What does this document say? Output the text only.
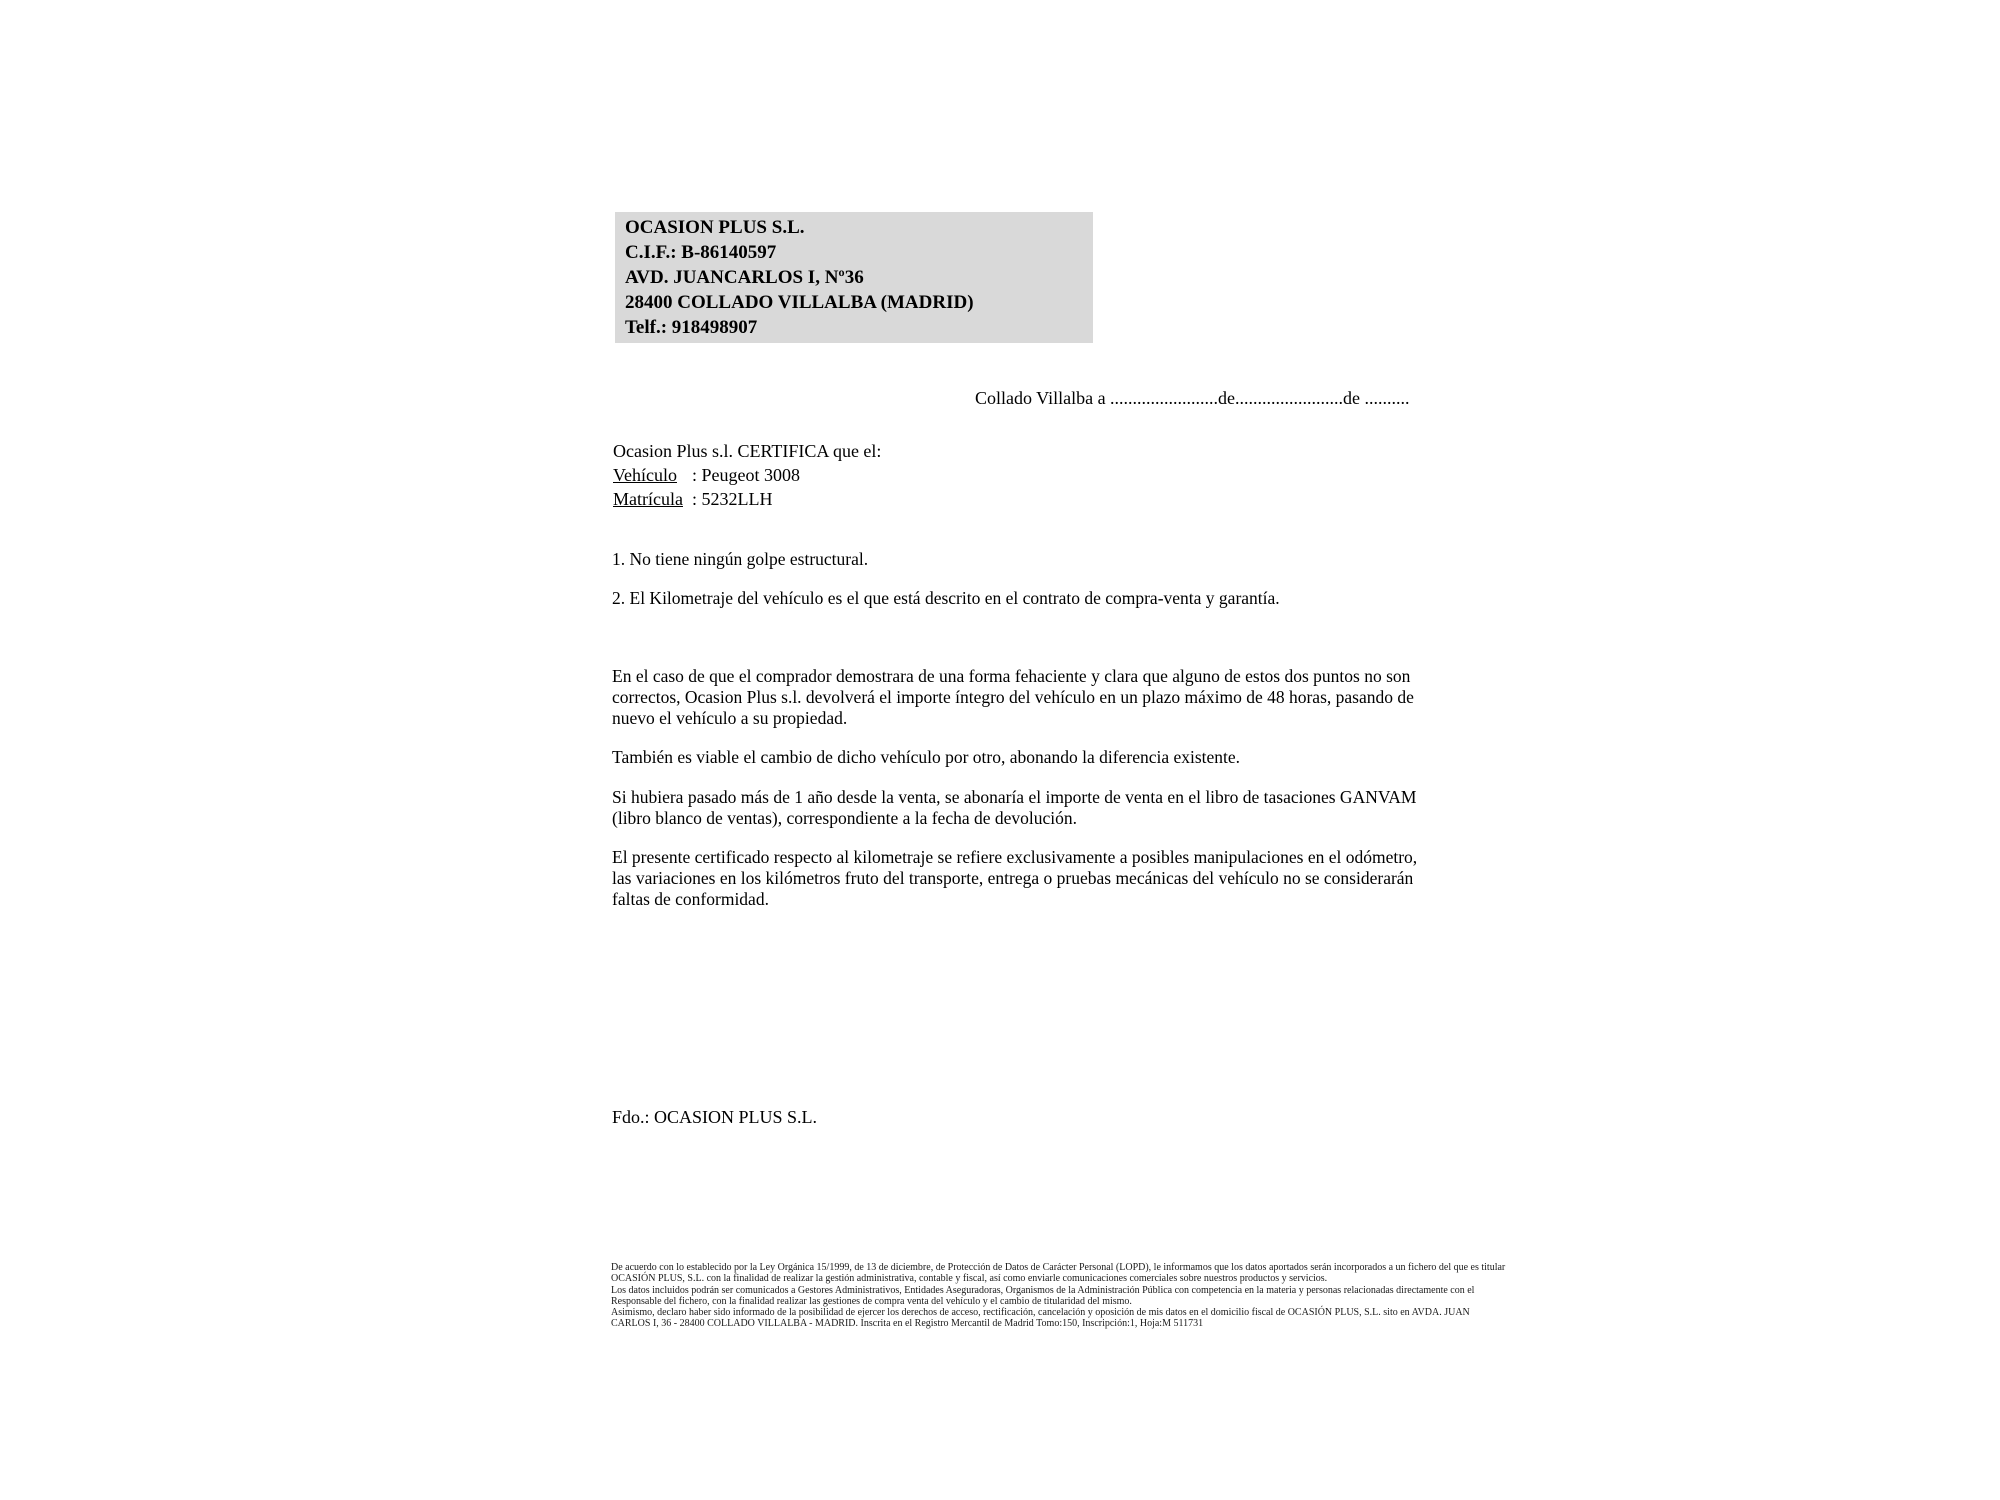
OCASION PLUS S.L.
C.I.F.: B-86140597
AVD. JUANCARLOS I, Nº36
28400 COLLADO VILLALBA (MADRID)
Telf.: 918498907
Collado Villalba a ........................de........................de ..........
Ocasion Plus s.l. CERTIFICA que el:
Vehículo : Peugeot 3008
Matrícula : 5232LLH
1. No tiene ningún golpe estructural.
2. El Kilometraje del vehículo es el que está descrito en el contrato de compra-venta y garantía.
En el caso de que el comprador demostrara de una forma fehaciente y clara que alguno de estos dos puntos no son correctos, Ocasion Plus s.l. devolverá el importe íntegro del vehículo en un plazo máximo de 48 horas, pasando de nuevo el vehículo a su propiedad.
También es viable el cambio de dicho vehículo por otro, abonando la diferencia existente.
Si hubiera pasado más de 1 año desde la venta, se abonaría el importe de venta en el libro de tasaciones GANVAM (libro blanco de ventas), correspondiente a la fecha de devolución.
El presente certificado respecto al kilometraje se refiere exclusivamente a posibles manipulaciones en el odómetro, las variaciones en los kilómetros fruto del transporte, entrega o pruebas mecánicas del vehículo no se considerarán faltas de conformidad.
Fdo.: OCASION PLUS S.L.
De acuerdo con lo establecido por la Ley Orgánica 15/1999, de 13 de diciembre, de Protección de Datos de Carácter Personal (LOPD), le informamos que los datos aportados serán incorporados a un fichero del que es titular
OCASIÓN PLUS, S.L. con la finalidad de realizar la gestión administrativa, contable y fiscal, así como enviarle comunicaciones comerciales sobre nuestros productos y servicios.
Los datos incluidos podrán ser comunicados a Gestores Administrativos, Entidades Aseguradoras, Organismos de la Administración Pública con competencia en la materia y personas relacionadas directamente con el
Responsable del fichero, con la finalidad realizar las gestiones de compra venta del vehículo y el cambio de titularidad del mismo.
Asimismo, declaro haber sido informado de la posibilidad de ejercer los derechos de acceso, rectificación, cancelación y oposición de mis datos en el domicilio fiscal de OCASIÓN PLUS, S.L. sito en AVDA. JUAN
CARLOS I, 36 - 28400 COLLADO VILLALBA - MADRID. Inscrita en el Registro Mercantil de Madrid Tomo:150, Inscripción:1, Hoja:M 511731
